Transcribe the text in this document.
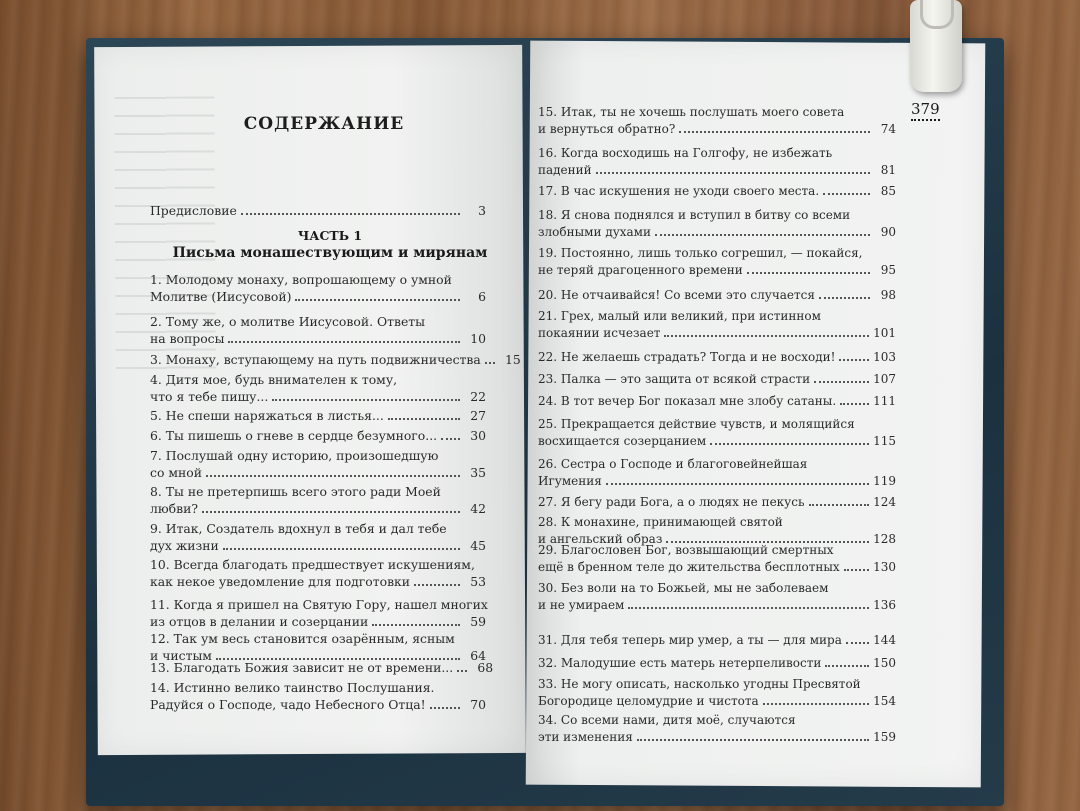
СОДЕРЖАНИЕ
379
ЧАСТЬ 1
Письма монашествующим и мирянам
Предисловие	3
1. Молодому монаху, вопрошающему о умной
Молитве (Иисусовой)	6
2. Тому же, о молитве Иисусовой. Ответы
на вопросы	10
3. Монаху, вступающему на путь подвижничества	15
4. Дитя мое, будь внимателен к тому,
что я тебе пишу...	22
5. Не спеши наряжаться в листья...	27
6. Ты пишешь о гневе в сердце безумного...	30
7. Послушай одну историю, произошедшую
со мной	35
8. Ты не претерпишь всего этого ради Моей
любви?	42
9. Итак, Создатель вдохнул в тебя и дал тебе
дух жизни	45
10. Всегда благодать предшествует искушениям,
как некое уведомление для подготовки	53
11. Когда я пришел на Святую Гору, нашел многих
из отцов в делании и созерцании	59
12. Так ум весь становится озарённым, ясным
и чистым	64
13. Благодать Божия зависит не от времени...	68
14. Истинно велико таинство Послушания.
Радуйся о Господе, чадо Небесного Отца!	70
15. Итак, ты не хочешь послушать моего совета
и вернуться обратно?	74
16. Когда восходишь на Голгофу, не избежать
падений	81
17. В час искушения не уходи своего места.	85
18. Я снова поднялся и вступил в битву со всеми
злобными духами	90
19. Постоянно, лишь только согрешил, — покайся,
не теряй драгоценного времени	95
20. Не отчаивайся! Со всеми это случается	98
21. Грех, малый или великий, при истинном
покаянии исчезает	101
22. Не желаешь страдать? Тогда и не восходи!	103
23. Палка — это защита от всякой страсти	107
24. В тот вечер Бог показал мне злобу сатаны.	111
25. Прекращается действие чувств, и молящийся
восхищается созерцанием	115
26. Сестра о Господе и благоговейнейшая
Игумения	119
27. Я бегу ради Бога, а о людях не пекусь	124
28. К монахине, принимающей святой
и ангельский образ	128
29. Благословен Бог, возвышающий смертных
ещё в бренном теле до жительства бесплотных	130
30. Без воли на то Божьей, мы не заболеваем
и не умираем	136
31. Для тебя теперь мир умер, а ты — для мира	144
32. Малодушие есть матерь нетерпеливости	150
33. Не могу описать, насколько угодны Пресвятой
Богородице целомудрие и чистота	154
34. Со всеми нами, дитя моё, случаются
эти изменения	159
